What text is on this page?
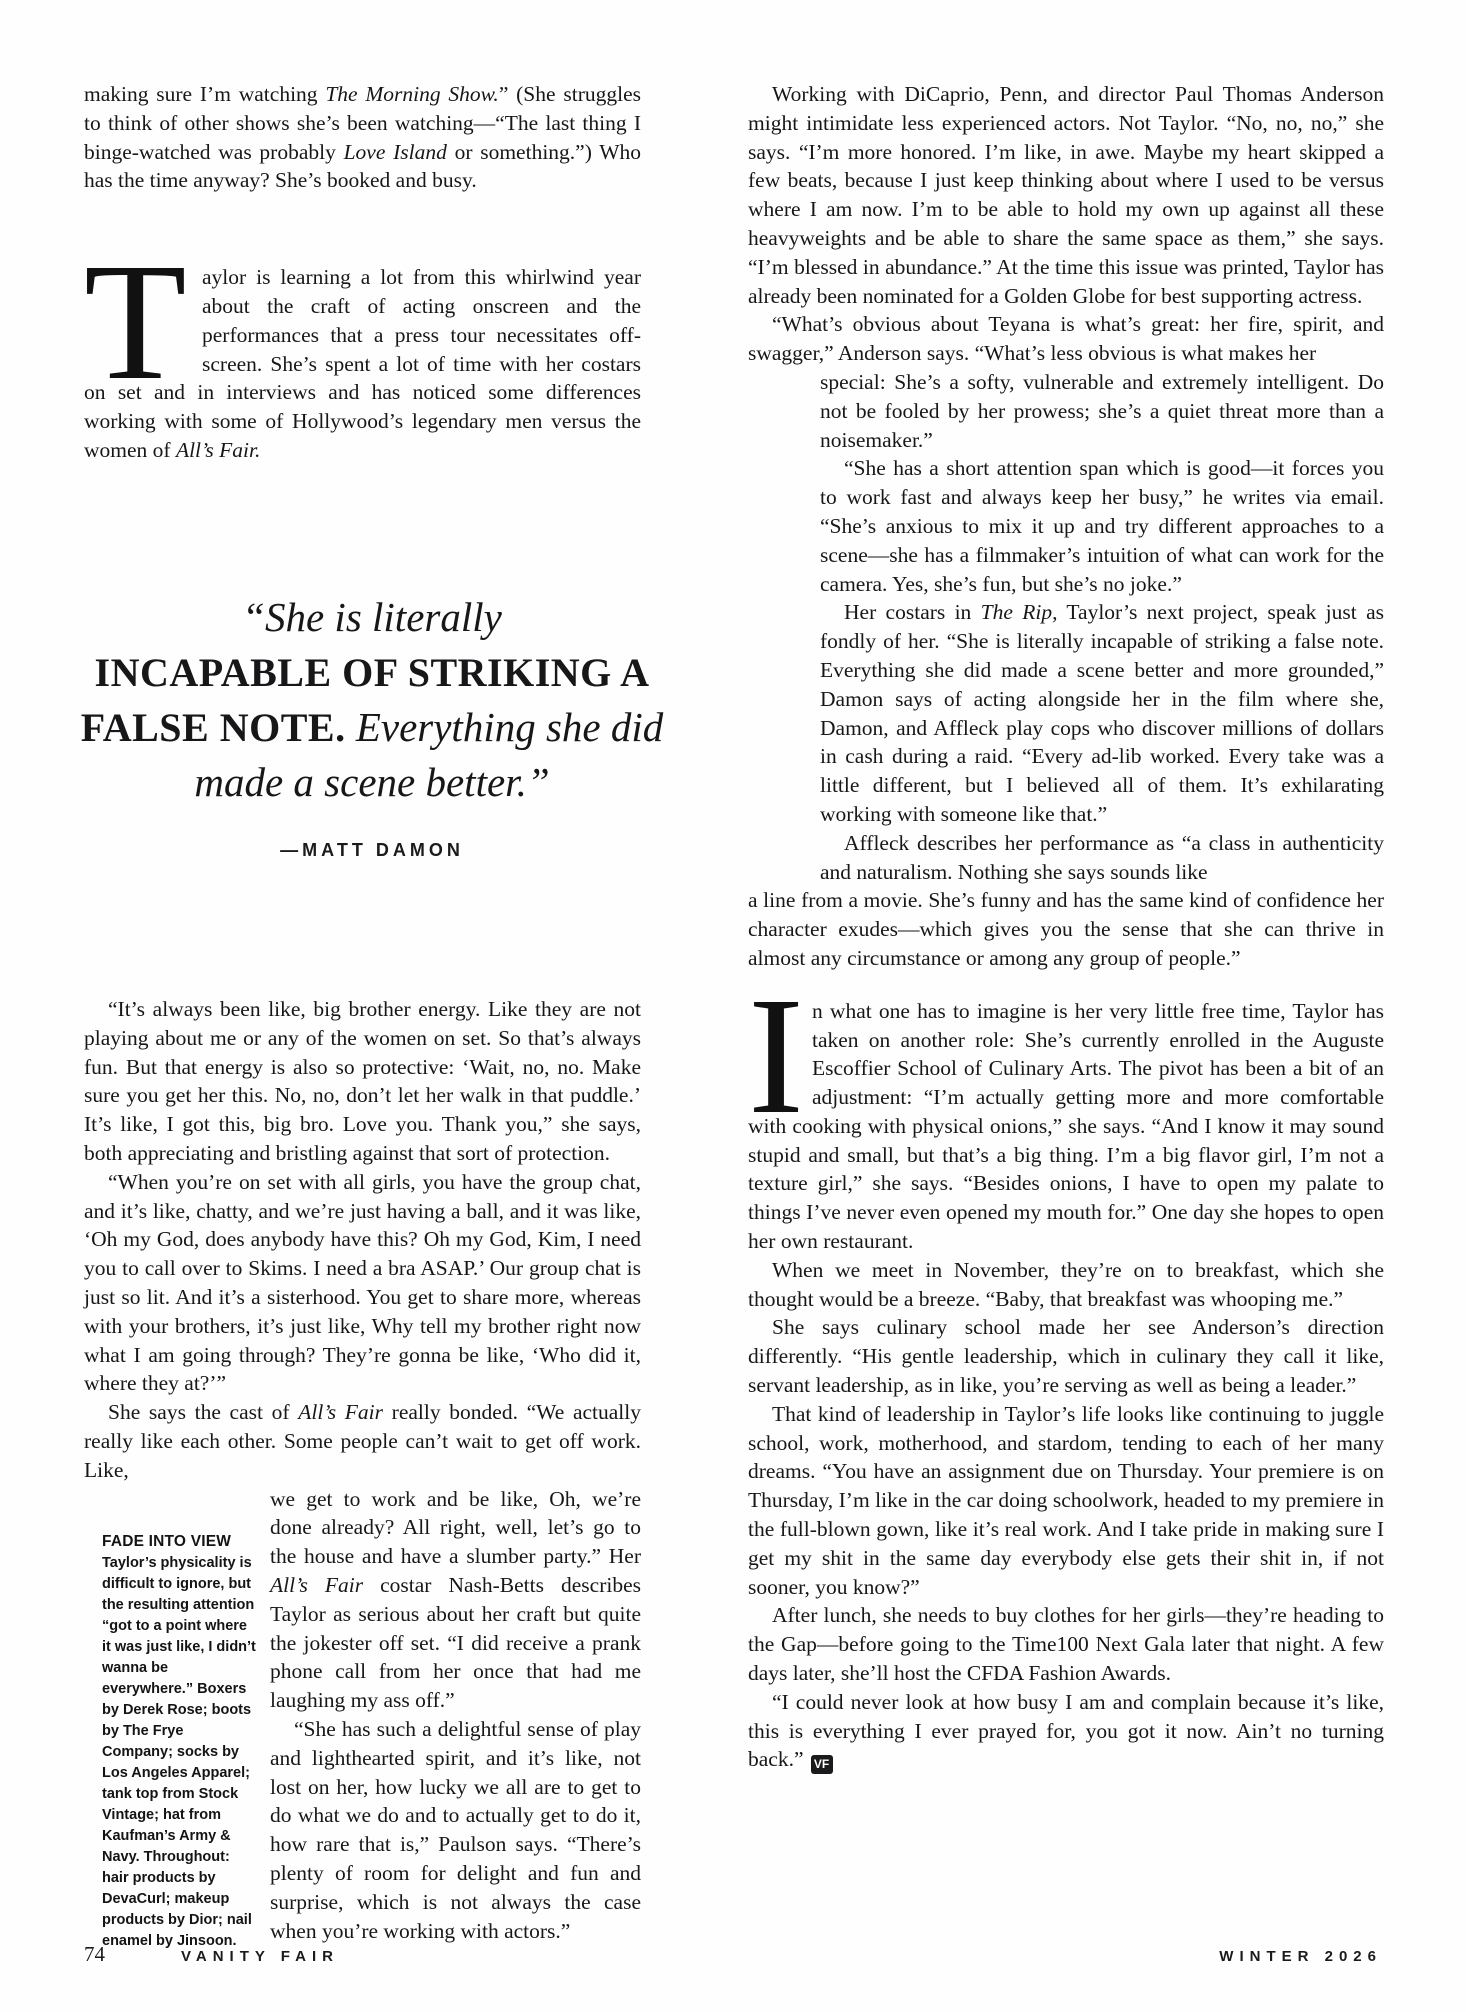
making sure I’m watching The Morning Show.” (She struggles to think of other shows she’s been watching—“The last thing I binge-watched was probably Love Island or something.”) Who has the time anyway? She’s booked and busy.

Taylor is learning a lot from this whirlwind year about the craft of acting onscreen and the performances that a press tour necessitates off-screen. She’s spent a lot of time with her costars on set and in interviews and has noticed some differences working with some of Hollywood’s legendary men versus the women of All’s Fair.

“She is literally

INCAPABLE OF STRIKING A

FALSE NOTE. Everything she did

made a scene better.”

—MATT DAMON

“It’s always been like, big brother energy. Like they are not playing about me or any of the women on set. So that’s always fun. But that energy is also so protective: ‘Wait, no, no. Make sure you get her this. No, no, don’t let her walk in that puddle.’ It’s like, I got this, big bro. Love you. Thank you,” she says, both appreciating and bristling against that sort of protection.

“When you’re on set with all girls, you have the group chat, and it’s like, chatty, and we’re just having a ball, and it was like, ‘Oh my God, does anybody have this? Oh my God, Kim, I need you to call over to Skims. I need a bra ASAP.’ Our group chat is just so lit. And it’s a sisterhood. You get to share more, whereas with your brothers, it’s just like, Why tell my brother right now what I am going through? They’re gonna be like, ‘Who did it, where they at?’”

She says the cast of All’s Fair really bonded. “We actually really like each other. Some people can’t wait to get off work. Like,

FADE INTO VIEW
Taylor’s physicality is difficult to ignore, but the resulting attention “got to a point where it was just like, I didn’t wanna be everywhere.” Boxers by Derek Rose; boots by The Frye Company; socks by Los Angeles Apparel; tank top from Stock Vintage; hat from Kaufman’s Army & Navy. Throughout: hair products by DevaCurl; makeup products by Dior; nail enamel by Jinsoon.

we get to work and be like, Oh, we’re done already? All right, well, let’s go to the house and have a slumber party.” Her All’s Fair costar Nash-Betts describes Taylor as serious about her craft but quite the jokester off set. “I did receive a prank phone call from her once that had me laughing my ass off.”

“She has such a delightful sense of play and lighthearted spirit, and it’s like, not lost on her, how lucky we all are to get to do what we do and to actually get to do it, how rare that is,” Paulson says. “There’s plenty of room for delight and fun and surprise, which is not always the case when you’re working with actors.”

Working with DiCaprio, Penn, and director Paul Thomas Anderson might intimidate less experienced actors. Not Taylor. “No, no, no,” she says. “I’m more honored. I’m like, in awe. Maybe my heart skipped a few beats, because I just keep thinking about where I used to be versus where I am now. I’m to be able to hold my own up against all these heavyweights and be able to share the same space as them,” she says. “I’m blessed in abundance.” At the time this issue was printed, Taylor has already been nominated for a Golden Globe for best supporting actress.

“What’s obvious about Teyana is what’s great: her fire, spirit, and swagger,” Anderson says. “What’s less obvious is what makes her

special: She’s a softy, vulnerable and extremely intelligent. Do not be fooled by her prowess; she’s a quiet threat more than a noisemaker.”

“She has a short attention span which is good—it forces you to work fast and always keep her busy,” he writes via email. “She’s anxious to mix it up and try different approaches to a scene—she has a filmmaker’s intuition of what can work for the camera. Yes, she’s fun, but she’s no joke.”

Her costars in The Rip, Taylor’s next project, speak just as fondly of her. “She is literally incapable of striking a false note. Everything she did made a scene better and more grounded,” Damon says of acting alongside her in the film where she, Damon, and Affleck play cops who discover millions of dollars in cash during a raid. “Every ad-lib worked. Every take was a little different, but I believed all of them. It’s exhilarating working with someone like that.”

Affleck describes her performance as “a class in authenticity and naturalism. Nothing she says sounds like

a line from a movie. She’s funny and has the same kind of confidence her character exudes—which gives you the sense that she can thrive in almost any circumstance or among any group of people.”

In what one has to imagine is her very little free time, Taylor has taken on another role: She’s currently enrolled in the Auguste Escoffier School of Culinary Arts. The pivot has been a bit of an adjustment: “I’m actually getting more and more comfortable with cooking with physical onions,” she says. “And I know it may sound stupid and small, but that’s a big thing. I’m a big flavor girl, I’m not a texture girl,” she says. “Besides onions, I have to open my palate to things I’ve never even opened my mouth for.” One day she hopes to open her own restaurant.

When we meet in November, they’re on to breakfast, which she thought would be a breeze. “Baby, that breakfast was whooping me.”

She says culinary school made her see Anderson’s direction differently. “His gentle leadership, which in culinary they call it like, servant leadership, as in like, you’re serving as well as being a leader.”

That kind of leadership in Taylor’s life looks like continuing to juggle school, work, motherhood, and stardom, tending to each of her many dreams. “You have an assignment due on Thursday. Your premiere is on Thursday, I’m like in the car doing schoolwork, headed to my premiere in the full-blown gown, like it’s real work. And I take pride in making sure I get my shit in the same day everybody else gets their shit in, if not sooner, you know?”

After lunch, she needs to buy clothes for her girls—they’re heading to the Gap—before going to the Time100 Next Gala later that night. A few days later, she’ll host the CFDA Fashion Awards.

“I could never look at how busy I am and complain because it’s like, this is everything I ever prayed for, you got it now. Ain’t no turning back.” VF

74	VANITY FAIR	WINTER 2026
